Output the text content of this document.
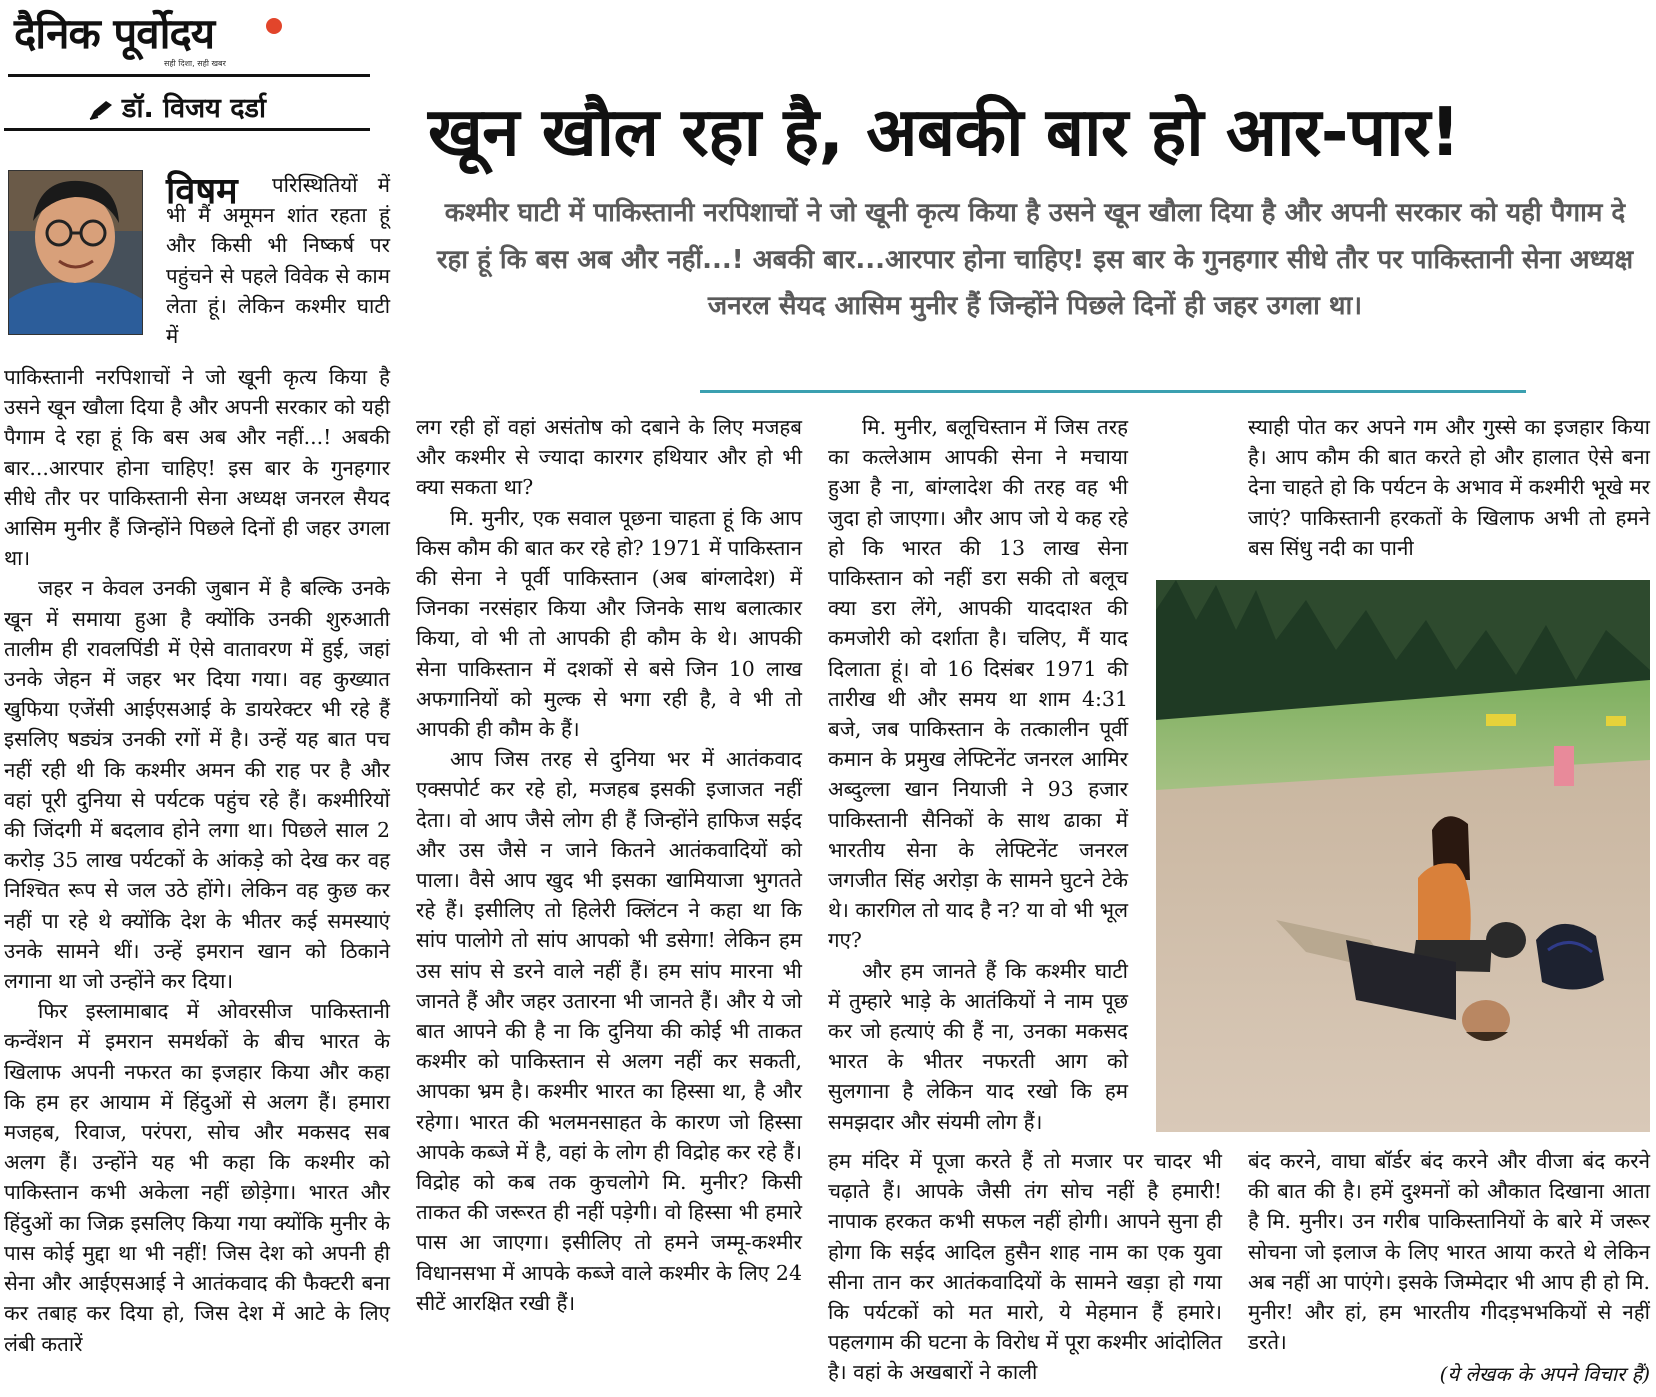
दैनिक पूर्वोदय
सही दिशा, सही खबर
डॉ. विजय दर्डा	खून खौल रहा है, अबकी बार हो आर-पार!
कश्मीर घाटी में पाकिस्तानी नरपिशाचों ने जो खूनी कृत्य किया है उसने खून खौला दिया है और अपनी सरकार को यही पैगाम दे रहा हूं कि बस अब और नहीं...! अबकी बार...आरपार होना चाहिए! इस बार के गुनहगार सीधे तौर पर पाकिस्तानी सेना अध्यक्ष जनरल सैयद आसिम मुनीर हैं जिन्होंने पिछले दिनों ही जहर उगला था।
विषम	परिस्थितियों में भी मैं अमूमन शांत रहता हूं और किसी भी निष्कर्ष पर पहुंचने से पहले विवेक से काम लेता हूं। लेकिन कश्मीर घाटी में

पाकिस्तानी नरपिशाचों ने जो खूनी कृत्य किया है उसने खून खौला दिया है और अपनी सरकार को यही पैगाम दे रहा हूं कि बस अब और नहीं...! अबकी बार...आरपार होना चाहिए! इस बार के गुनहगार सीधे तौर पर पाकिस्तानी सेना अध्यक्ष जनरल सैयद आसिम मुनीर हैं जिन्होंने पिछले दिनों ही जहर उगला था।

जहर न केवल उनकी जुबान में है बल्कि उनके खून में समाया हुआ है क्योंकि उनकी शुरुआती तालीम ही रावलपिंडी में ऐसे वातावरण में हुई, जहां उनके जेहन में जहर भर दिया गया। वह कुख्यात खुफिया एजेंसी आईएसआई के डायरेक्टर भी रहे हैं इसलिए षड्यंत्र उनकी रगों में है। उन्हें यह बात पच नहीं रही थी कि कश्मीर अमन की राह पर है और वहां पूरी दुनिया से पर्यटक पहुंच रहे हैं। कश्मीरियों की जिंदगी में बदलाव होने लगा था। पिछले साल 2 करोड़ 35 लाख पर्यटकों के आंकड़े को देख कर वह निश्चित रूप से जल उठे होंगे। लेकिन वह कुछ कर नहीं पा रहे थे क्योंकि देश के भीतर कई समस्याएं उनके सामने थीं। उन्हें इमरान खान को ठिकाने लगाना था जो उन्होंने कर दिया।

फिर इस्लामाबाद में ओवरसीज पाकिस्तानी कन्वेंशन में इमरान समर्थकों के बीच भारत के खिलाफ अपनी नफरत का इजहार किया और कहा कि हम हर आयाम में हिंदुओं से अलग हैं। हमारा मजहब, रिवाज, परंपरा, सोच और मकसद सब अलग हैं। उन्होंने यह भी कहा कि कश्मीर को पाकिस्तान कभी अकेला नहीं छोड़ेगा। भारत और हिंदुओं का जिक्र इसलिए किया गया क्योंकि मुनीर के पास कोई मुद्दा था भी नहीं! जिस देश को अपनी ही सेना और आईएसआई ने आतंकवाद की फैक्टरी बना कर तबाह कर दिया हो, जिस देश में आटे के लिए लंबी कतारें

लग रही हों वहां असंतोष को दबाने के लिए मजहब और कश्मीर से ज्यादा कारगर हथियार और हो भी क्या सकता था?

मि. मुनीर, एक सवाल पूछना चाहता हूं कि आप किस कौम की बात कर रहे हो? 1971 में पाकिस्तान की सेना ने पूर्वी पाकिस्तान (अब बांग्लादेश) में जिनका नरसंहार किया और जिनके साथ बलात्कार किया, वो भी तो आपकी ही कौम के थे। आपकी सेना पाकिस्तान में दशकों से बसे जिन 10 लाख अफगानियों को मुल्क से भगा रही है, वे भी तो आपकी ही कौम के हैं।

आप जिस तरह से दुनिया भर में आतंकवाद एक्सपोर्ट कर रहे हो, मजहब इसकी इजाजत नहीं देता। वो आप जैसे लोग ही हैं जिन्होंने हाफिज सईद और उस जैसे न जाने कितने आतंकवादियों को पाला। वैसे आप खुद भी इसका खामियाजा भुगतते रहे हैं। इसीलिए तो हिलेरी क्लिंटन ने कहा था कि सांप पालोगे तो सांप आपको भी डसेगा! लेकिन हम उस सांप से डरने वाले नहीं हैं। हम सांप मारना भी जानते हैं और जहर उतारना भी जानते हैं। और ये जो बात आपने की है ना कि दुनिया की कोई भी ताकत कश्मीर को पाकिस्तान से अलग नहीं कर सकती, आपका भ्रम है। कश्मीर भारत का हिस्सा था, है और रहेगा। भारत की भलमनसाहत के कारण जो हिस्सा आपके कब्जे में है, वहां के लोग ही विद्रोह कर रहे हैं। विद्रोह को कब तक कुचलोगे मि. मुनीर? किसी ताकत की जरूरत ही नहीं पड़ेगी। वो हिस्सा भी हमारे पास आ जाएगा। इसीलिए तो हमने जम्मू-कश्मीर विधानसभा में आपके कब्जे वाले कश्मीर के लिए 24 सीटें आरक्षित रखी हैं।

मि. मुनीर, बलूचिस्तान में जिस तरह का कत्लेआम आपकी सेना ने मचाया हुआ है ना, बांग्लादेश की तरह वह भी जुदा हो जाएगा। और आप जो ये कह रहे हो कि भारत की 13 लाख सेना पाकिस्तान को नहीं डरा सकी तो बलूच क्या डरा लेंगे, आपकी याददाश्त की कमजोरी को दर्शाता है। चलिए, मैं याद दिलाता हूं। वो 16 दिसंबर 1971 की तारीख थी और समय था शाम 4:31 बजे, जब पाकिस्तान के तत्कालीन पूर्वी कमान के प्रमुख लेफ्टिनेंट जनरल आमिर अब्दुल्ला खान नियाजी ने 93 हजार पाकिस्तानी सैनिकों के साथ ढाका में भारतीय सेना के लेफ्टिनेंट जनरल जगजीत सिंह अरोड़ा के सामने घुटने टेके थे। कारगिल तो याद है न? या वो भी भूल गए?

और हम जानते हैं कि कश्मीर घाटी में तुम्हारे भाड़े के आतंकियों ने नाम पूछ कर जो हत्याएं की हैं ना, उनका मकसद भारत के भीतर नफरती आग को सुलगाना है लेकिन याद रखो कि हम समझदार और संयमी लोग हैं।

हम मंदिर में पूजा करते हैं तो मजार पर चादर भी चढ़ाते हैं। आपके जैसी तंग सोच नहीं है हमारी! नापाक हरकत कभी सफल नहीं होगी। आपने सुना ही होगा कि सईद आदिल हुसैन शाह नाम का एक युवा सीना तान कर आतंकवादियों के सामने खड़ा हो गया कि पर्यटकों को मत मारो, ये मेहमान हैं हमारे। पहलगाम की घटना के विरोध में पूरा कश्मीर आंदोलित है। वहां के अखबारों ने काली

स्याही पोत कर अपने गम और गुस्से का इजहार किया है। आप कौम की बात करते हो और हालात ऐसे बना देना चाहते हो कि पर्यटन के अभाव में कश्मीरी भूखे मर जाएं? पाकिस्तानी हरकतों के खिलाफ अभी तो हमने बस सिंधु नदी का पानी

बंद करने, वाघा बॉर्डर बंद करने और वीजा बंद करने की बात की है। हमें दुश्मनों को औकात दिखाना आता है मि. मुनीर। उन गरीब पाकिस्तानियों के बारे में जरूर सोचना जो इलाज के लिए भारत आया करते थे लेकिन अब नहीं आ पाएंगे। इसके जिम्मेदार भी आप ही हो मि. मुनीर! और हां, हम भारतीय गीदड़भभकियों से नहीं डरते।

(ये लेखक के अपने विचार हैं)
